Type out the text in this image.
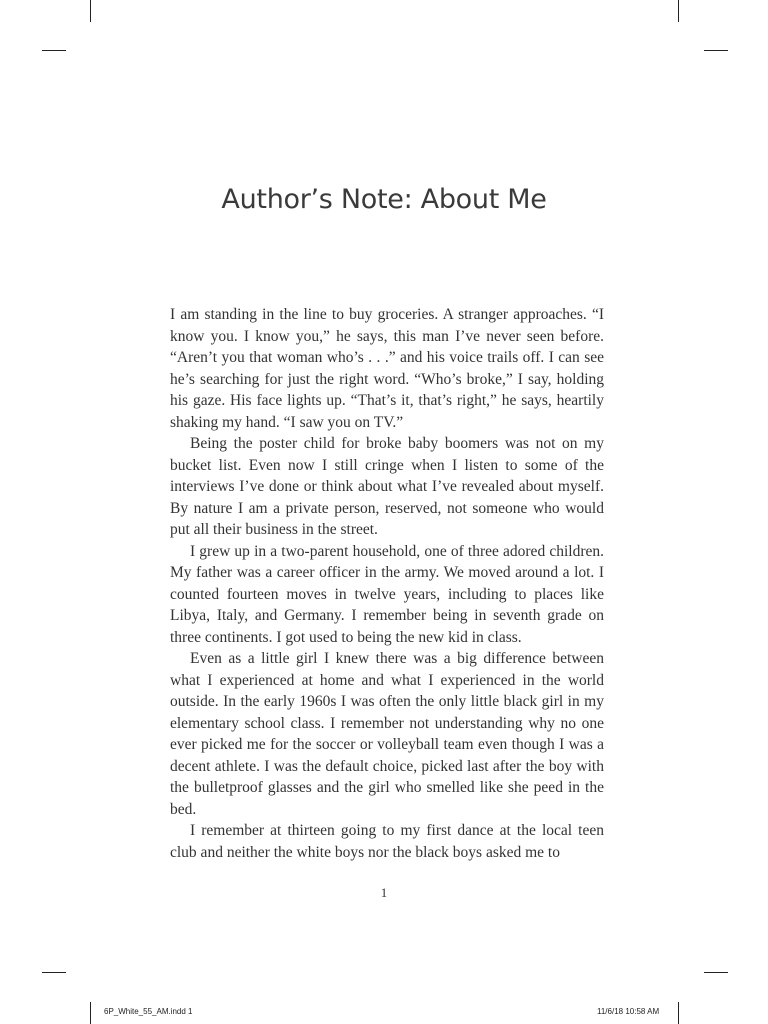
Author’s Note: About Me

I am standing in the line to buy groceries. A stranger approaches. “I know you. I know you,” he says, this man I’ve never seen before. “Aren’t you that woman who’s . . .” and his voice trails off. I can see he’s searching for just the right word. “Who’s broke,” I say, holding his gaze. His face lights up. “That’s it, that’s right,” he says, heartily shaking my hand. “I saw you on TV.”

Being the poster child for broke baby boomers was not on my bucket list. Even now I still cringe when I listen to some of the interviews I’ve done or think about what I’ve revealed about myself. By nature I am a private person, reserved, not someone who would put all their business in the street.

I grew up in a two-parent household, one of three adored children. My father was a career officer in the army. We moved around a lot. I counted fourteen moves in twelve years, including to places like Libya, Italy, and Germany. I remember being in seventh grade on three continents. I got used to being the new kid in class.

Even as a little girl I knew there was a big difference between what I experienced at home and what I experienced in the world outside. In the early 1960s I was often the only little black girl in my elementary school class. I remember not understanding why no one ever picked me for the soccer or volleyball team even though I was a decent athlete. I was the default choice, picked last after the boy with the bulletproof glasses and the girl who smelled like she peed in the bed.

I remember at thirteen going to my first dance at the local teen club and neither the white boys nor the black boys asked me to

1
6P_White_55_AM.indd 1	11/6/18 10:58 AM
